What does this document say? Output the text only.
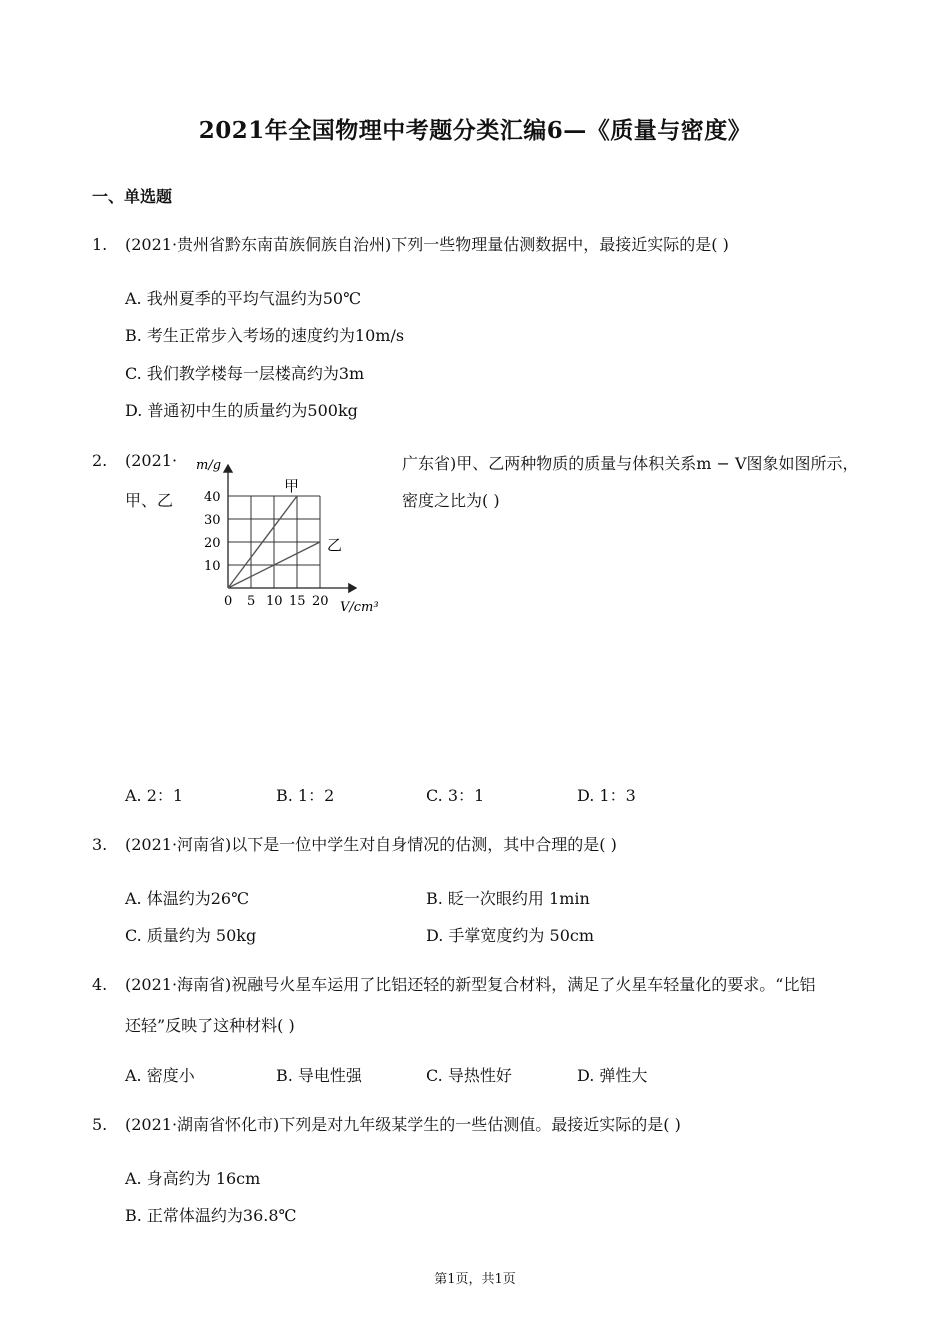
2021年全国物理中考题分类汇编6—《质量与密度》
一、单选题
1.	(2021·贵州省黔东南苗族侗族自治州)下列一些物理量估测数据中，最接近实际的是( )
A. 我州夏季的平均气温约为50℃
B. 考生正常步入考场的速度约为10m/s
C. 我们教学楼每一层楼高约为3m
D. 普通初中生的质量约为500kg
2.	(2021·
甲、乙
广东省)甲、乙两种物质的质量与体积关系m − V图象如图所示，
密度之比为( )
甲
乙
0 5 10 15 20
10
20
30
40
m/g
V/cm³
A. 2：1	B. 1：2	C. 3：1	D. 1：3
3.	(2021·河南省)以下是一位中学生对自身情况的估测，其中合理的是( )
A. 体温约为26℃	B. 眨一次眼约用 1min
C. 质量约为 50kg	D. 手掌宽度约为 50cm
4.	(2021·海南省)祝融号火星车运用了比铝还轻的新型复合材料，满足了火星车轻量化的要求。“比铝
还轻”反映了这种材料( )
A. 密度小	B. 导电性强	C. 导热性好	D. 弹性大
5.	(2021·湖南省怀化市)下列是对九年级某学生的一些估测值。最接近实际的是( )
A. 身高约为 16cm
B. 正常体温约为36.8℃
第1页，共1页
